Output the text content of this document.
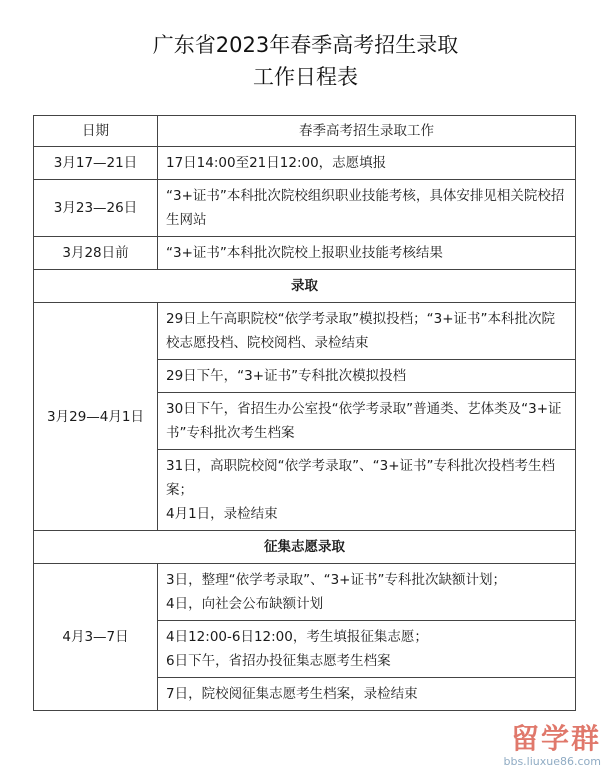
广东省2023年春季高考招生录取
工作日程表
日期	春季高考招生录取工作
3月17—21日	17日14:00至21日12:00，志愿填报

3月23—26日	“3+证书”本科批次院校组织职业技能考核，具体安排见相关院校招生网站

3月28日前	“3+证书”本科批次院校上报职业技能考核结果

录取	
3月29—4月1日	29日上午高职院校“依学考录取”模拟投档；“3+证书”本科批次院校志愿投档、院校阅档、录检结束

	29日下午，“3+证书”专科批次模拟投档

	30日下午，省招生办公室投“依学考录取”普通类、艺体类及“3+证书”专科批次考生档案

	31日，高职院校阅“依学考录取”、“3+证书”专科批次投档考生档案；
4月1日，录检结束

征集志愿录取	
4月3—7日	3日，整理“依学考录取”、“3+证书”专科批次缺额计划；
4日，向社会公布缺额计划

	4日12:00-6日12:00，考生填报征集志愿；
6日下午，省招办投征集志愿考生档案

	7日，院校阅征集志愿考生档案，录检结束
留学群
bbs.liuxue86.com
